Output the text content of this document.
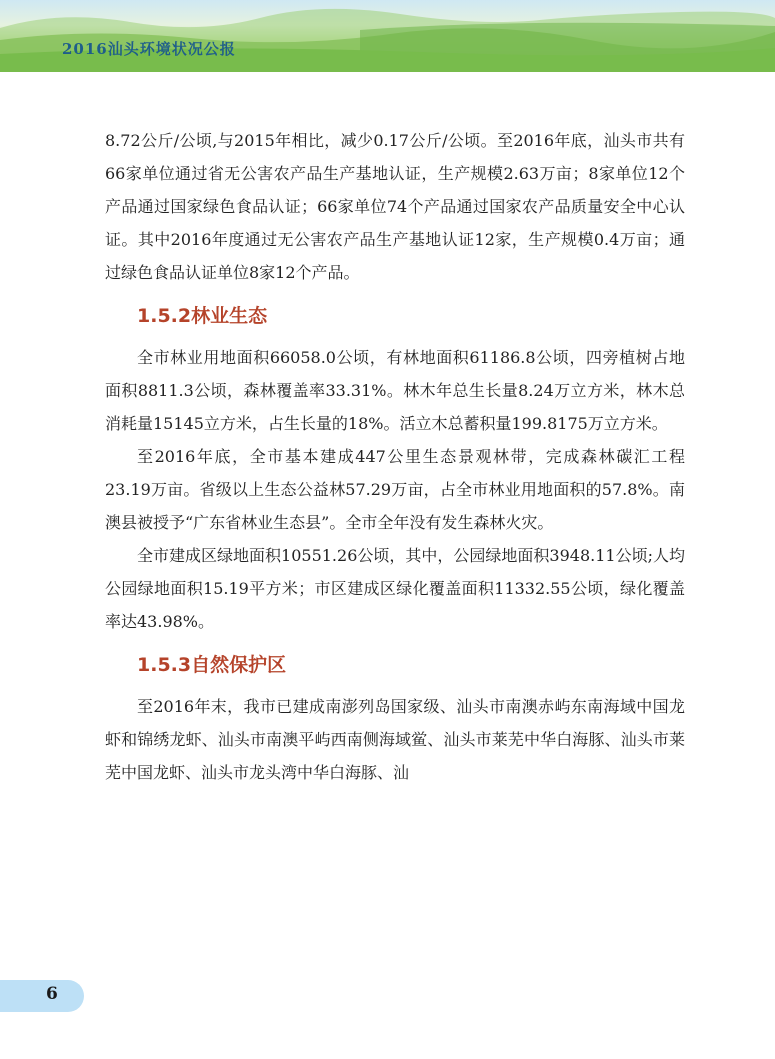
2016汕头环境状况公报

8.72公斤/公顷,与2015年相比，减少0.17公斤/公顷。至2016年底，汕头市共有66家单位通过省无公害农产品生产基地认证，生产规模2.63万亩；8家单位12个产品通过国家绿色食品认证；66家单位74个产品通过国家农产品质量安全中心认证。其中2016年度通过无公害农产品生产基地认证12家，生产规模0.4万亩；通过绿色食品认证单位8家12个产品。

1.5.2林业生态

全市林业用地面积66058.0公顷，有林地面积61186.8公顷，四旁植树占地面积8811.3公顷，森林覆盖率33.31%。林木年总生长量8.24万立方米，林木总消耗量15145立方米，占生长量的18%。活立木总蓄积量199.8175万立方米。

至2016年底，全市基本建成447公里生态景观林带，完成森林碳汇工程23.19万亩。省级以上生态公益林57.29万亩，占全市林业用地面积的57.8%。南澳县被授予“广东省林业生态县”。全市全年没有发生森林火灾。

全市建成区绿地面积10551.26公顷，其中，公园绿地面积3948.11公顷;人均公园绿地面积15.19平方米；市区建成区绿化覆盖面积11332.55公顷，绿化覆盖率达43.98%。

1.5.3自然保护区

至2016年末，我市已建成南澎列岛国家级、汕头市南澳赤屿东南海域中国龙虾和锦绣龙虾、汕头市南澳平屿西南侧海域鲎、汕头市莱芜中华白海豚、汕头市莱芜中国龙虾、汕头市龙头湾中华白海豚、汕

6
